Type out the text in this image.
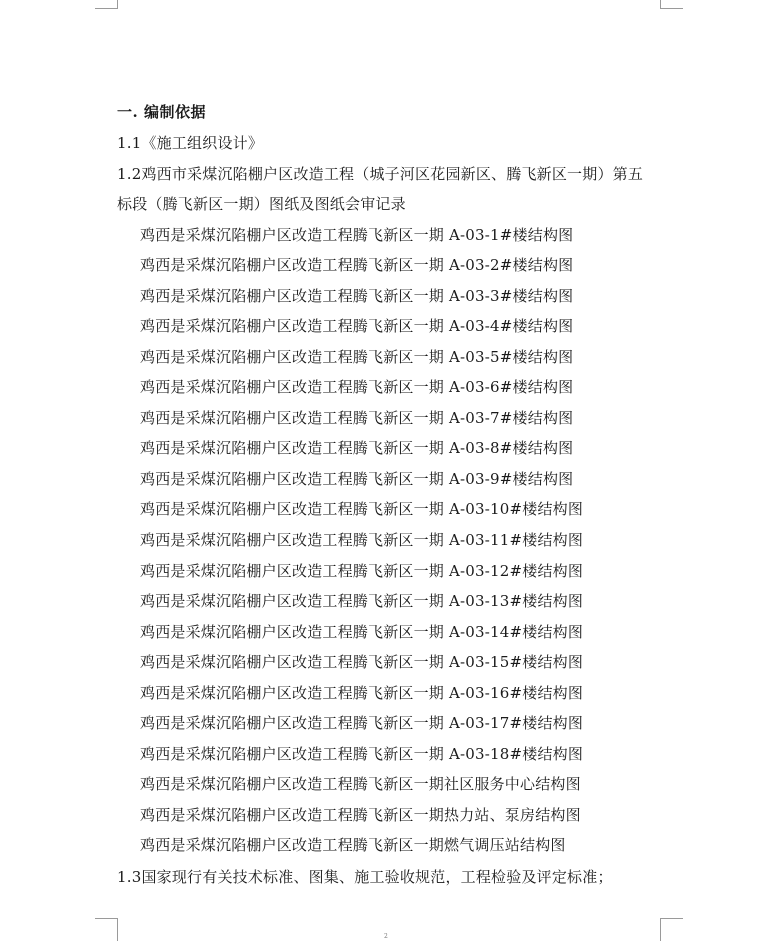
一. 编制依据
1.1《施工组织设计》
1.2鸡西市采煤沉陷棚户区改造工程（城子河区花园新区、腾飞新区一期）第五
标段（腾飞新区一期）图纸及图纸会审记录
鸡西是采煤沉陷棚户区改造工程腾飞新区一期 A-03-1#楼结构图
鸡西是采煤沉陷棚户区改造工程腾飞新区一期 A-03-2#楼结构图
鸡西是采煤沉陷棚户区改造工程腾飞新区一期 A-03-3#楼结构图
鸡西是采煤沉陷棚户区改造工程腾飞新区一期 A-03-4#楼结构图
鸡西是采煤沉陷棚户区改造工程腾飞新区一期 A-03-5#楼结构图
鸡西是采煤沉陷棚户区改造工程腾飞新区一期 A-03-6#楼结构图
鸡西是采煤沉陷棚户区改造工程腾飞新区一期 A-03-7#楼结构图
鸡西是采煤沉陷棚户区改造工程腾飞新区一期 A-03-8#楼结构图
鸡西是采煤沉陷棚户区改造工程腾飞新区一期 A-03-9#楼结构图
鸡西是采煤沉陷棚户区改造工程腾飞新区一期 A-03-10#楼结构图
鸡西是采煤沉陷棚户区改造工程腾飞新区一期 A-03-11#楼结构图
鸡西是采煤沉陷棚户区改造工程腾飞新区一期 A-03-12#楼结构图
鸡西是采煤沉陷棚户区改造工程腾飞新区一期 A-03-13#楼结构图
鸡西是采煤沉陷棚户区改造工程腾飞新区一期 A-03-14#楼结构图
鸡西是采煤沉陷棚户区改造工程腾飞新区一期 A-03-15#楼结构图
鸡西是采煤沉陷棚户区改造工程腾飞新区一期 A-03-16#楼结构图
鸡西是采煤沉陷棚户区改造工程腾飞新区一期 A-03-17#楼结构图
鸡西是采煤沉陷棚户区改造工程腾飞新区一期 A-03-18#楼结构图
鸡西是采煤沉陷棚户区改造工程腾飞新区一期社区服务中心结构图
鸡西是采煤沉陷棚户区改造工程腾飞新区一期热力站、泵房结构图
鸡西是采煤沉陷棚户区改造工程腾飞新区一期燃气调压站结构图
1.3国家现行有关技术标准、图集、施工验收规范，工程检验及评定标准；
2
